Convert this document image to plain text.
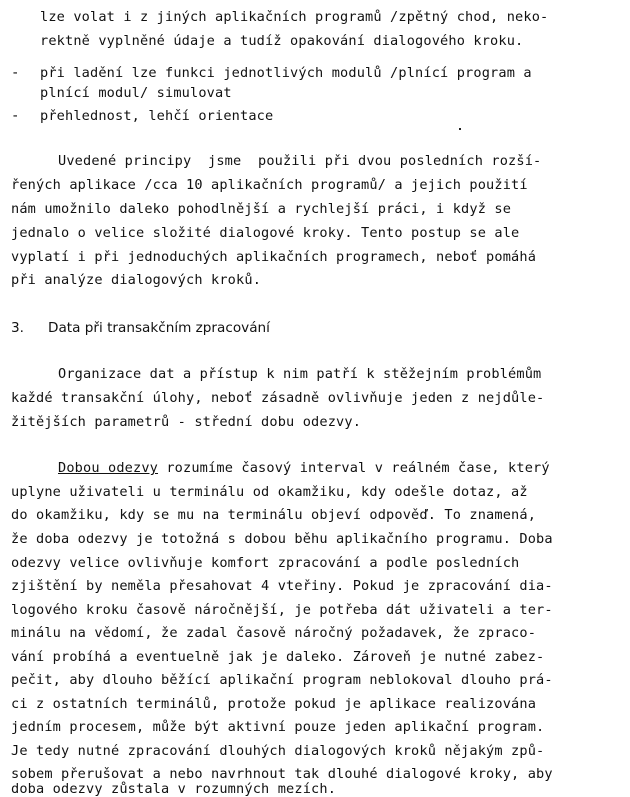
lze volat i z jiných aplikačních programů /zpětný chod, neko-
rektně vyplněné údaje a tudíž opakování dialogového kroku.
- při ladění lze funkci jednotlivých modulů /plnící program a
plnící modul/ simulovat
- přehlednost, lehčí orientace
Uvedené principy  jsme  použili při dvou posledních rozší-
řených aplikace /cca 10 aplikačních programů/ a jejich použití
nám umožnilo daleko pohodlnější a rychlejší práci, i když se
jednalo o velice složité dialogové kroky. Tento postup se ale
vyplatí i při jednoduchých aplikačních programech, neboť pomáhá
při analýze dialogových kroků.
3. Data při transakčním zpracování
Organizace dat a přístup k nim patří k stěžejním problémům
každé transakční úlohy, neboť zásadně ovlivňuje jeden z nejdůle-
žitějších parametrů - střední dobu odezvy.
Dobou odezvy rozumíme časový interval v reálném čase, který
uplyne uživateli u terminálu od okamžiku, kdy odešle dotaz, až
do okamžiku, kdy se mu na terminálu objeví odpověď. To znamená,
že doba odezvy je totožná s dobou běhu aplikačního programu. Doba
odezvy velice ovlivňuje komfort zpracování a podle posledních
zjištění by neměla přesahovat 4 vteřiny. Pokud je zpracování dia-
logového kroku časově náročnější, je potřeba dát uživateli a ter-
minálu na vědomí, že zadal časově náročný požadavek, že zpraco-
vání probíhá a eventuelně jak je daleko. Zároveň je nutné zabez-
pečit, aby dlouho běžící aplikační program neblokoval dlouho prá-
ci z ostatních terminálů, protože pokud je aplikace realizována
jedním procesem, může být aktivní pouze jeden aplikační program.
Je tedy nutné zpracování dlouhých dialogových kroků nějakým způ-
sobem přerušovat a nebo navrhnout tak dlouhé dialogové kroky, aby
doba odezvy zůstala v rozumných mezích.
